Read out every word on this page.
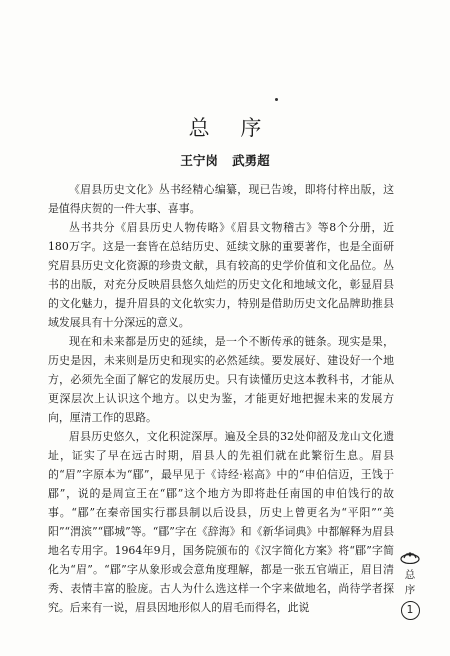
总 序
王宁岗 武勇超

《眉县历史文化》丛书经精心编纂，现已告竣，即将付梓出版，这是值得庆贺的一件大事、喜事。

丛书共分《眉县历史人物传略》《眉县文物稽古》等8个分册，近180万字。这是一套皆在总结历史、延续文脉的重要著作，也是全面研究眉县历史文化资源的珍贵文献，具有较高的史学价值和文化品位。丛书的出版，对充分反映眉县悠久灿烂的历史文化和地域文化，彰显眉县的文化魅力，提升眉县的文化软实力，特别是借助历史文化品牌助推县域发展具有十分深远的意义。

现在和未来都是历史的延续，是一个不断传承的链条。现实是果，历史是因，未来则是历史和现实的必然延续。要发展好、建设好一个地方，必须先全面了解它的发展历史。只有读懂历史这本教科书，才能从更深层次上认识这个地方。以史为鉴，才能更好地把握未来的发展方向，厘清工作的思路。

眉县历史悠久，文化积淀深厚。遍及全县的32处仰韶及龙山文化遗址，证实了早在远古时期，眉县人的先祖们就在此繁衍生息。眉县的“眉”字原本为“郿”，最早见于《诗经·崧高》中的“申伯信迈，王饯于郿”，说的是周宣王在“郿”这个地方为即将赴任南国的申伯饯行的故事。“郿”在秦帝国实行郡县制以后设县，历史上曾更名为“平阳”“美阳”“渭滨”“郿城”等。“郿”字在《辞海》和《新华词典》中都解释为眉县地名专用字。1964年9月，国务院颁布的《汉字简化方案》将“郿”字简化为“眉”。“郿”字从象形或会意角度理解，都是一张五官端正，眉目清秀、表情丰富的脸庞。古人为什么选这样一个字来做地名，尚待学者探究。后来有一说，眉县因地形似人的眉毛而得名，此说

总
序
1
